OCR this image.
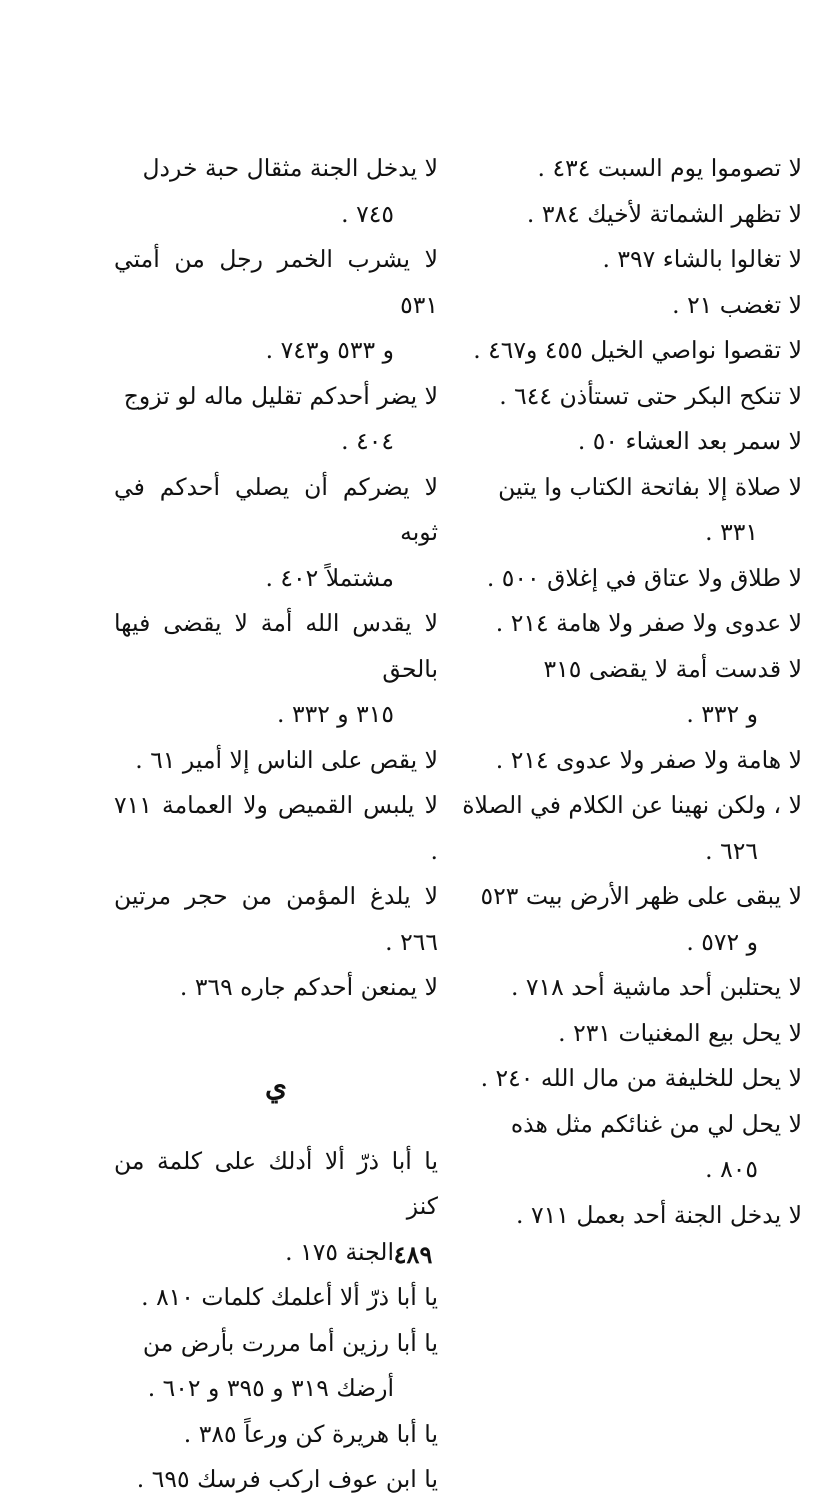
لا تصوموا يوم السبت ٤٣٤ .
لا تظهر الشماتة لأخيك ٣٨٤ .
لا تغالوا بالشاء ٣٩٧ .
لا تغضب ٢١ .
لا تقصوا نواصي الخيل ٤٥٥ و٤٦٧ .
لا تنكح البكر حتى تستأذن ٦٤٤ .
لا سمر بعد العشاء ٥٠ .
لا صلاة إلا بفاتحة الكتاب وا يتين
٣٣١ .
لا طلاق ولا عتاق في إغلاق ٥٠٠ .
لا عدوى ولا صفر ولا هامة ٢١٤ .
لا قدست أمة لا يقضى ٣١٥
و ٣٣٢ .
لا هامة ولا صفر ولا عدوى ٢١٤ .
لا ، ولكن نهينا عن الكلام في الصلاة
٦٢٦ .
لا يبقى على ظهر الأرض بيت ٥٢٣
و ٥٧٢ .
لا يحتلبن أحد ماشية أحد ٧١٨ .
لا يحل بيع المغنيات ٢٣١ .
لا يحل للخليفة من مال الله ٢٤٠ .
لا يحل لي من غنائكم مثل هذه
٨٠٥ .
لا يدخل الجنة أحد بعمل ٧١١ .
لا يدخل الجنة مثقال حبة خردل
٧٤٥ .
لا يشرب الخمر رجل من أمتي ٥٣١
و ٥٣٣ و٧٤٣ .
لا يضر أحدكم تقليل ماله لو تزوج
٤٠٤ .
لا يضركم أن يصلي أحدكم في ثوبه
مشتملاً ٤٠٢ .
لا يقدس الله أمة لا يقضى فيها بالحق
٣١٥ و ٣٣٢ .
لا يقص على الناس إلا أمير ٦١ .
لا يلبس القميص ولا العمامة ٧١١ .
لا يلدغ المؤمن من حجر مرتين ٢٦٦ .
لا يمنعن أحدكم جاره ٣٦٩ .
ي
يا أبا ذرّ ألا أدلك على كلمة من كنز
الجنة ١٧٥ .
يا أبا ذرّ ألا أعلمك كلمات ٨١٠ .
يا أبا رزين أما مررت بأرض من
أرضك ٣١٩ و ٣٩٥ و ٦٠٢ .
يا أبا هريرة كن ورعاً ٣٨٥ .
يا ابن عوف اركب فرسك ٦٩٥ .
٤٨٩
